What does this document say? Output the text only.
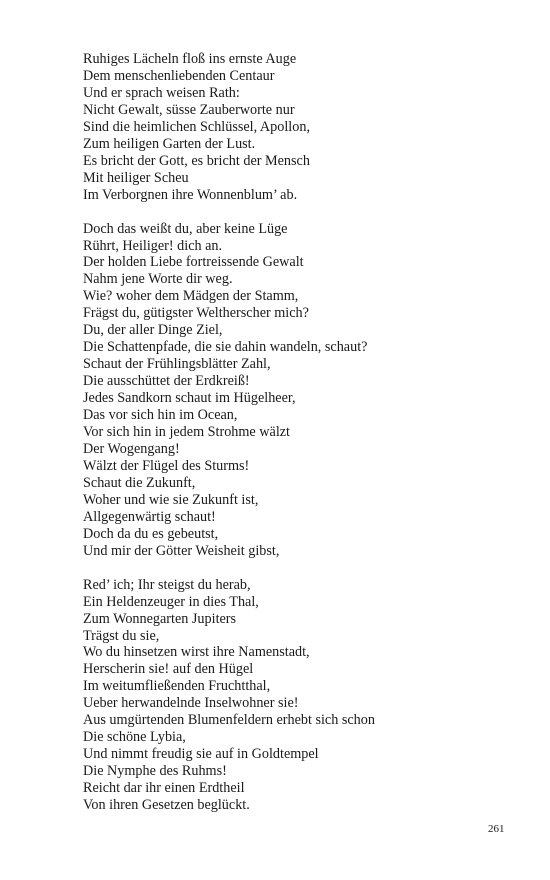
Ruhiges Lächeln floß ins ernste Auge
Dem menschenliebenden Centaur
Und er sprach weisen Rath:
Nicht Gewalt, süsse Zauberworte nur
Sind die heimlichen Schlüssel, Apollon,
Zum heiligen Garten der Lust.
Es bricht der Gott, es bricht der Mensch
Mit heiliger Scheu
Im Verborgnen ihre Wonnenblum’ ab.
Doch das weißt du, aber keine Lüge
Rührt, Heiliger! dich an.
Der holden Liebe fortreissende Gewalt
Nahm jene Worte dir weg.
Wie? woher dem Mädgen der Stamm,
Frägst du, gütigster Weltherscher mich?
Du, der aller Dinge Ziel,
Die Schattenpfade, die sie dahin wandeln, schaut?
Schaut der Frühlingsblätter Zahl,
Die ausschüttet der Erdkreiß!
Jedes Sandkorn schaut im Hügelheer,
Das vor sich hin im Ocean,
Vor sich hin in jedem Strohme wälzt
Der Wogengang!
Wälzt der Flügel des Sturms!
Schaut die Zukunft,
Woher und wie sie Zukunft ist,
Allgegenwärtig schaut!
Doch da du es gebeutst,
Und mir der Götter Weisheit gibst,
Red’ ich; Ihr steigst du herab,
Ein Heldenzeuger in dies Thal,
Zum Wonnegarten Jupiters
Trägst du sie,
Wo du hinsetzen wirst ihre Namenstadt,
Herscherin sie! auf den Hügel
Im weitumfließenden Fruchtthal,
Ueber herwandelnde Inselwohner sie!
Aus umgürtenden Blumenfeldern erhebt sich schon
Die schöne Lybia,
Und nimmt freudig sie auf in Goldtempel
Die Nymphe des Ruhms!
Reicht dar ihr einen Erdtheil
Von ihren Gesetzen beglückt.
261
